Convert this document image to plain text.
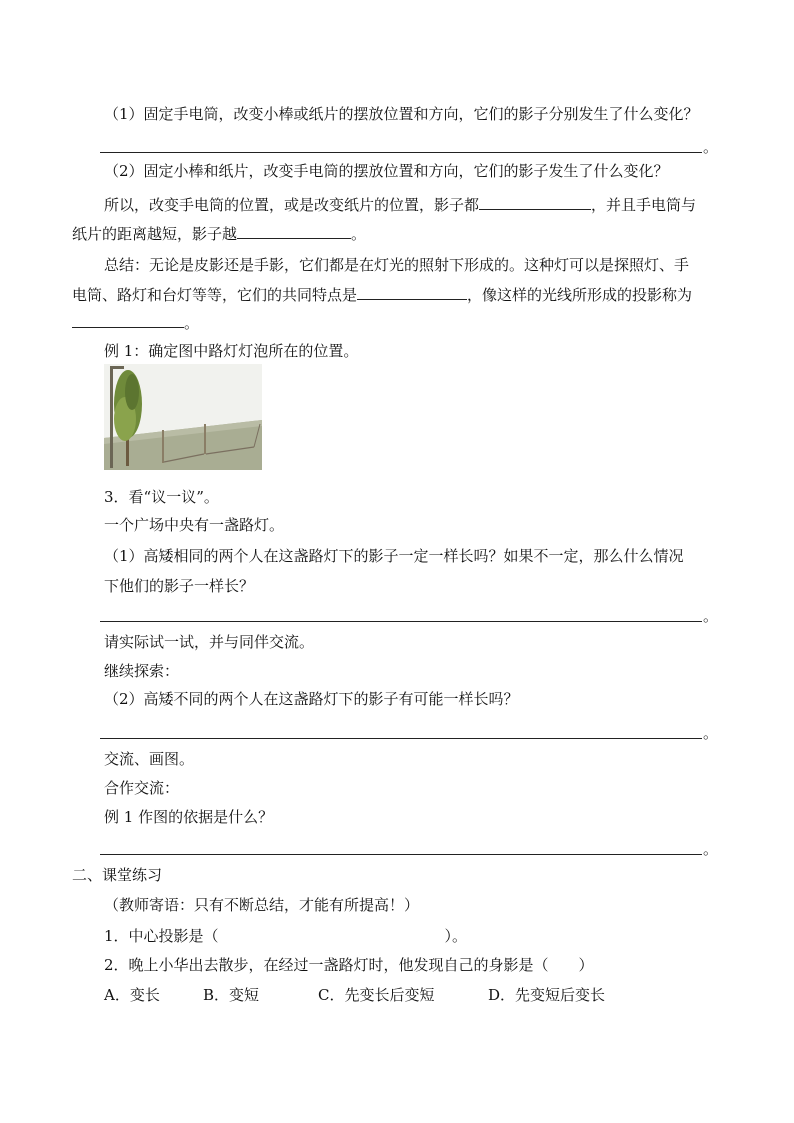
（1）固定手电筒，改变小棒或纸片的摆放位置和方向，它们的影子分别发生了什么变化？
。
（2）固定小棒和纸片，改变手电筒的摆放位置和方向，它们的影子发生了什么变化？
所以，改变手电筒的位置，或是改变纸片的位置，影子都	，并且手电筒与
纸片的距离越短，影子越	。
总结：无论是皮影还是手影，它们都是在灯光的照射下形成的。这种灯可以是探照灯、手
电筒、路灯和台灯等等，它们的共同特点是	，像这样的光线所形成的投影称为
。
例 1：确定图中路灯灯泡所在的位置。
3．看“议一议”。
一个广场中央有一盏路灯。
（1）高矮相同的两个人在这盏路灯下的影子一定一样长吗？如果不一定，那么什么情况
下他们的影子一样长？
。
请实际试一试，并与同伴交流。
继续探索：
（2）高矮不同的两个人在这盏路灯下的影子有可能一样长吗？
。
交流、画图。
合作交流：
例 1 作图的依据是什么？
。
二、课堂练习
（教师寄语：只有不断总结，才能有所提高！）
1．中心投影是（	）。
2．晚上小华出去散步，在经过一盏路灯时，他发现自己的身影是（　　）
A．变长	B．变短	C．先变长后变短	D．先变短后变长
